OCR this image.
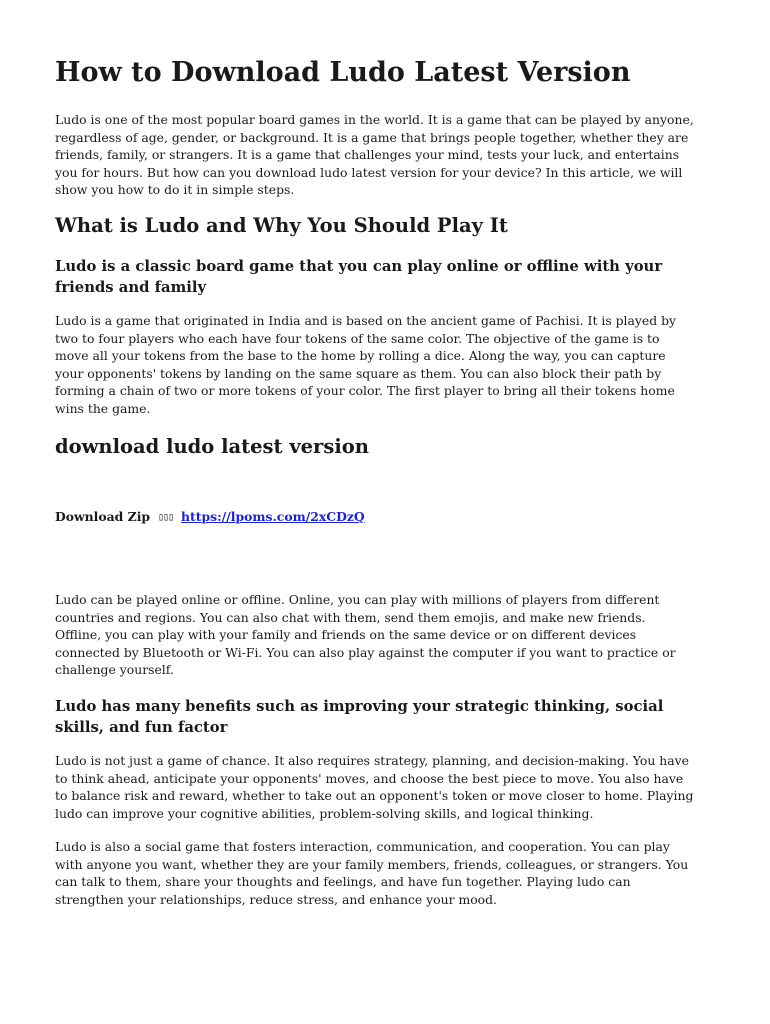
How to Download Ludo Latest Version
Ludo is one of the most popular board games in the world. It is a game that can be played by anyone,
regardless of age, gender, or background. It is a game that brings people together, whether they are
friends, family, or strangers. It is a game that challenges your mind, tests your luck, and entertains
you for hours. But how can you download ludo latest version for your device? In this article, we will
show you how to do it in simple steps.
What is Ludo and Why You Should Play It
Ludo is a classic board game that you can play online or offline with your
friends and family
Ludo is a game that originated in India and is based on the ancient game of Pachisi. It is played by
two to four players who each have four tokens of the same color. The objective of the game is to
move all your tokens from the base to the home by rolling a dice. Along the way, you can capture
your opponents' tokens by landing on the same square as them. You can also block their path by
forming a chain of two or more tokens of your color. The first player to bring all their tokens home
wins the game.
download ludo latest version
Download Zip ▯▯▯ https://lpoms.com/2xCDzQ
Ludo can be played online or offline. Online, you can play with millions of players from different
countries and regions. You can also chat with them, send them emojis, and make new friends.
Offline, you can play with your family and friends on the same device or on different devices
connected by Bluetooth or Wi-Fi. You can also play against the computer if you want to practice or
challenge yourself.
Ludo has many benefits such as improving your strategic thinking, social
skills, and fun factor
Ludo is not just a game of chance. It also requires strategy, planning, and decision-making. You have
to think ahead, anticipate your opponents' moves, and choose the best piece to move. You also have
to balance risk and reward, whether to take out an opponent's token or move closer to home. Playing
ludo can improve your cognitive abilities, problem-solving skills, and logical thinking.
Ludo is also a social game that fosters interaction, communication, and cooperation. You can play
with anyone you want, whether they are your family members, friends, colleagues, or strangers. You
can talk to them, share your thoughts and feelings, and have fun together. Playing ludo can
strengthen your relationships, reduce stress, and enhance your mood.
